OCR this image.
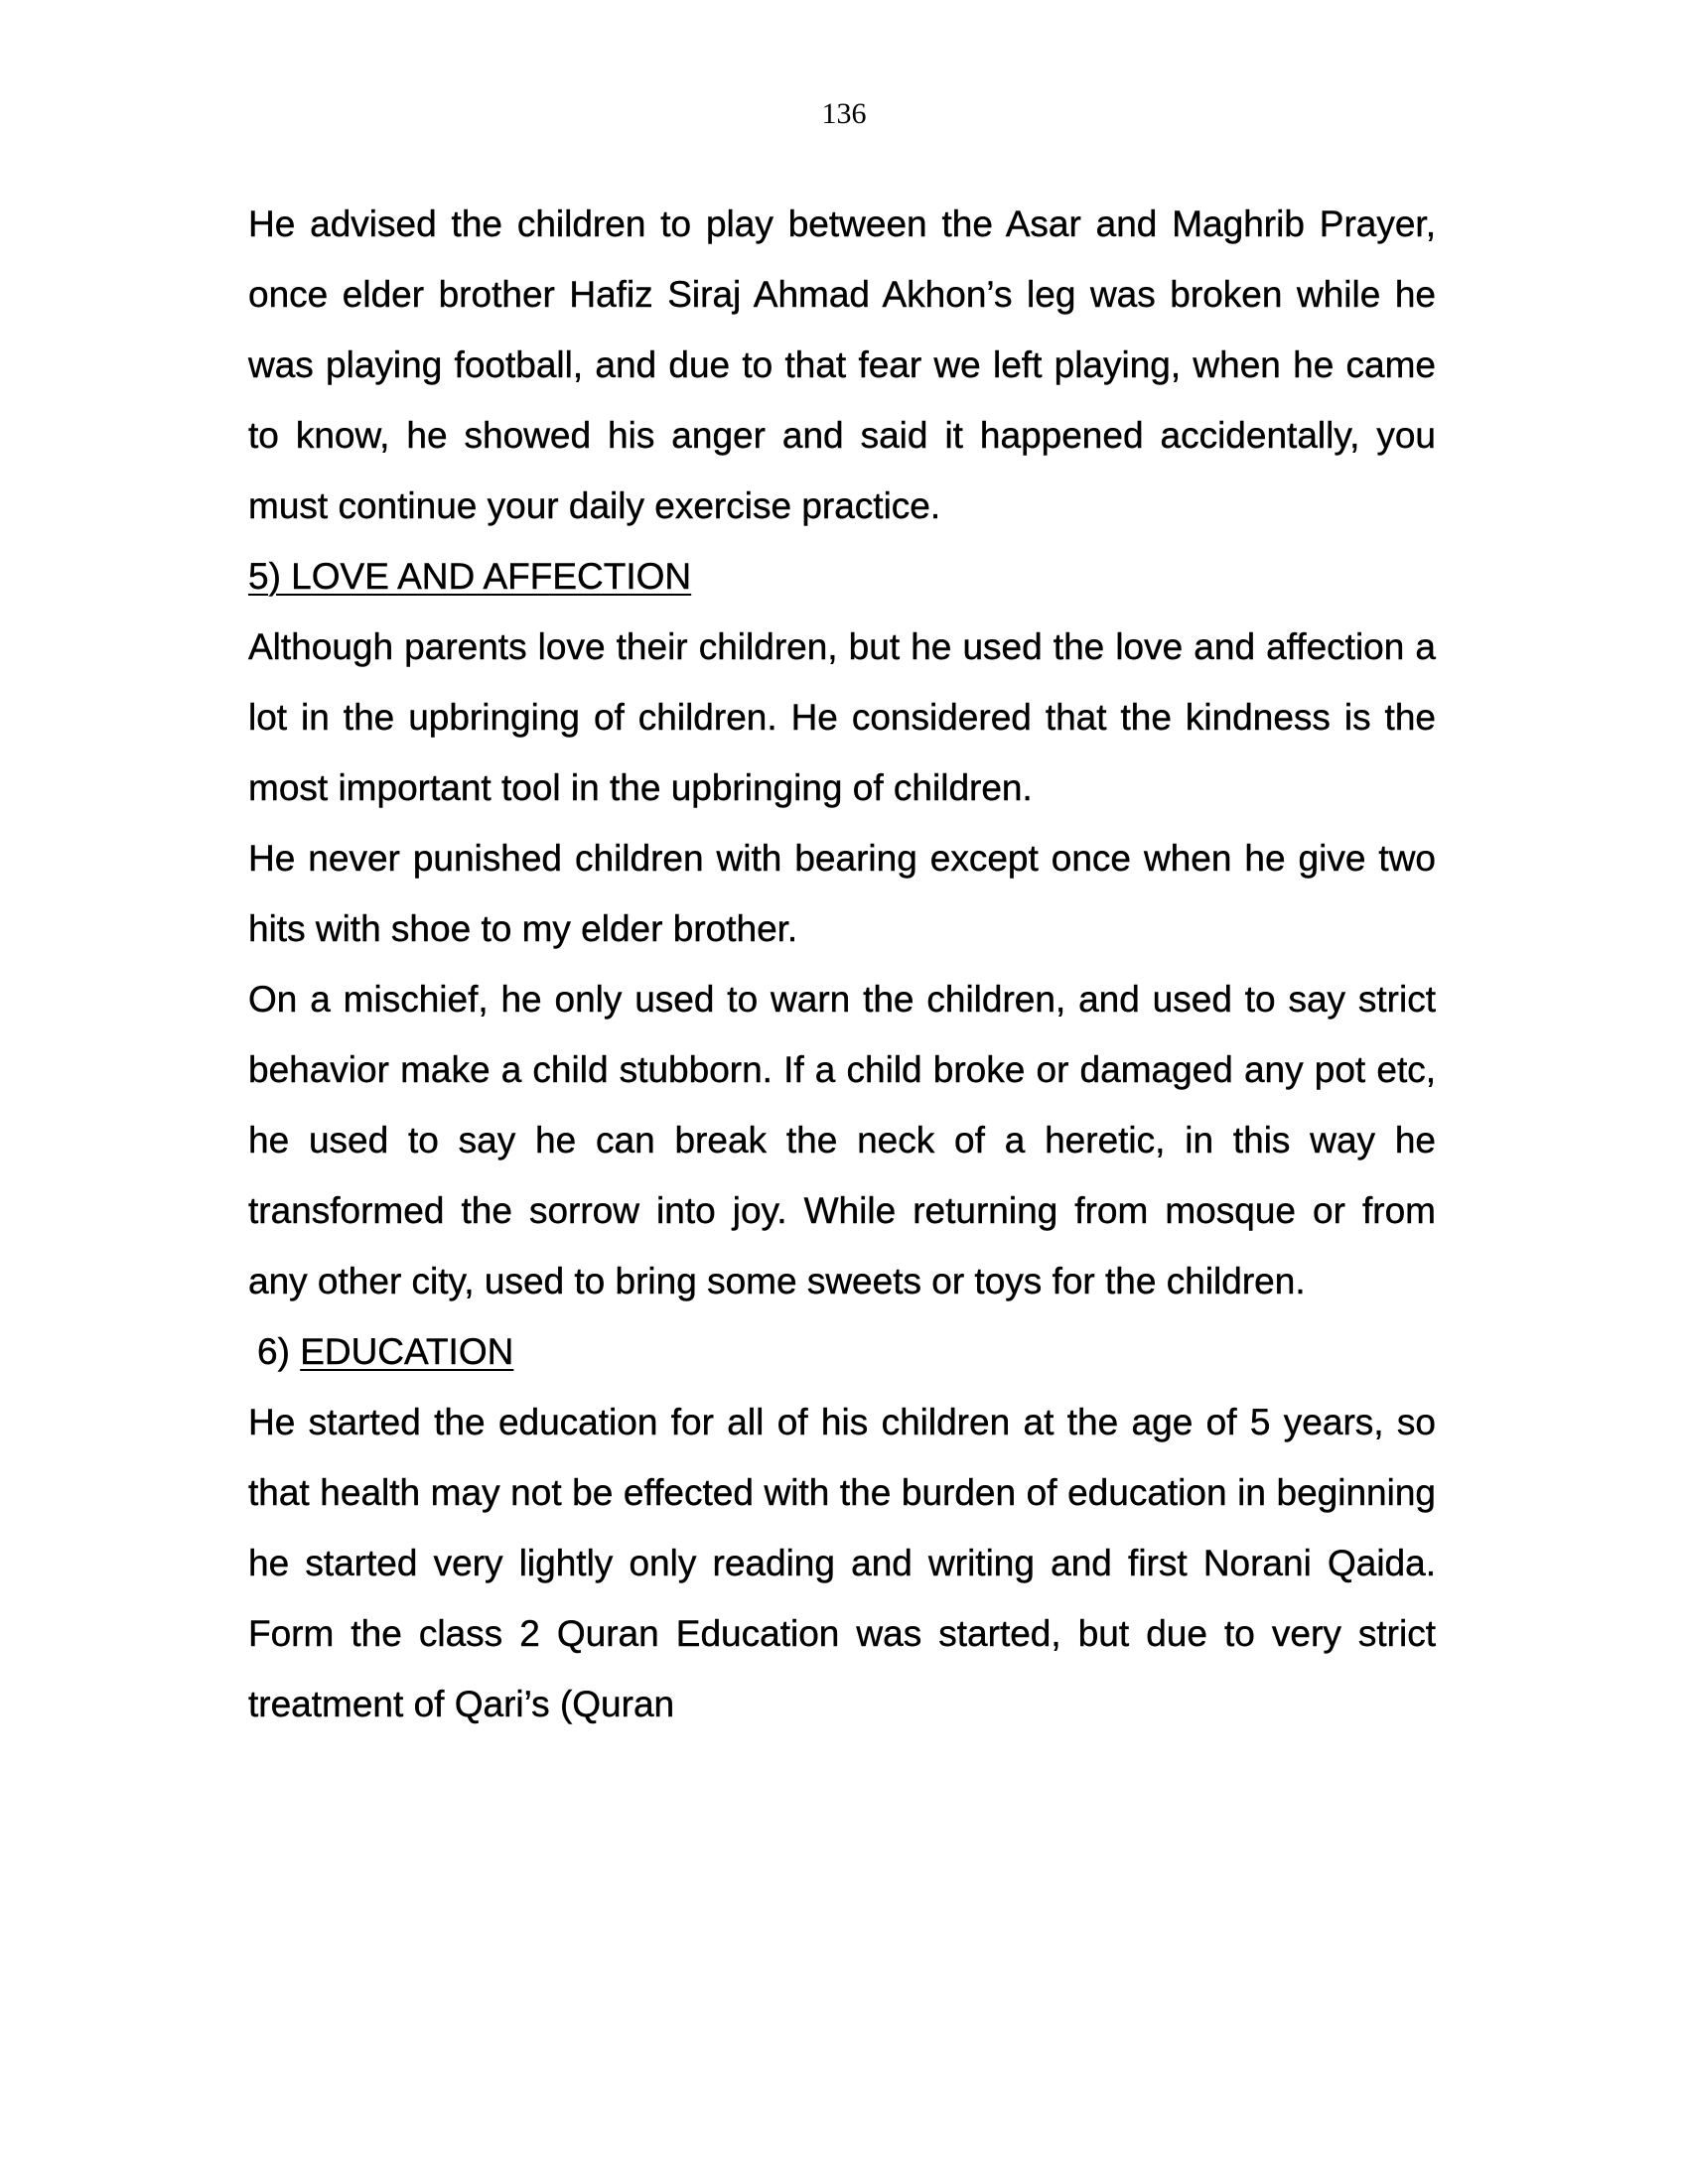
136

He advised the children to play between the Asar and Maghrib Prayer, once elder brother Hafiz Siraj Ahmad Akhon’s leg was broken while he was playing football, and due to that fear we left playing, when he came to know, he showed his anger and said it happened accidentally, you must continue your daily exercise practice.

5) LOVE AND AFFECTION

Although parents love their children, but he used the love and affection a lot in the upbringing of children. He considered that the kindness is the most important tool in the upbringing of children.

He never punished children with bearing except once when he give two hits with shoe to my elder brother.

On a mischief, he only used to warn the children, and used to say strict behavior make a child stubborn. If a child broke or damaged any pot etc, he used to say he can break the neck of a heretic, in this way he transformed the sorrow into joy. While returning from mosque or from any other city, used to bring some sweets or toys for the children.

6) EDUCATION

He started the education for all of his children at the age of 5 years, so that health may not be effected with the burden of education in beginning he started very lightly only reading and writing and first Norani Qaida. Form the class 2 Quran Education was started, but due to very strict treatment of Qari’s (Quran
